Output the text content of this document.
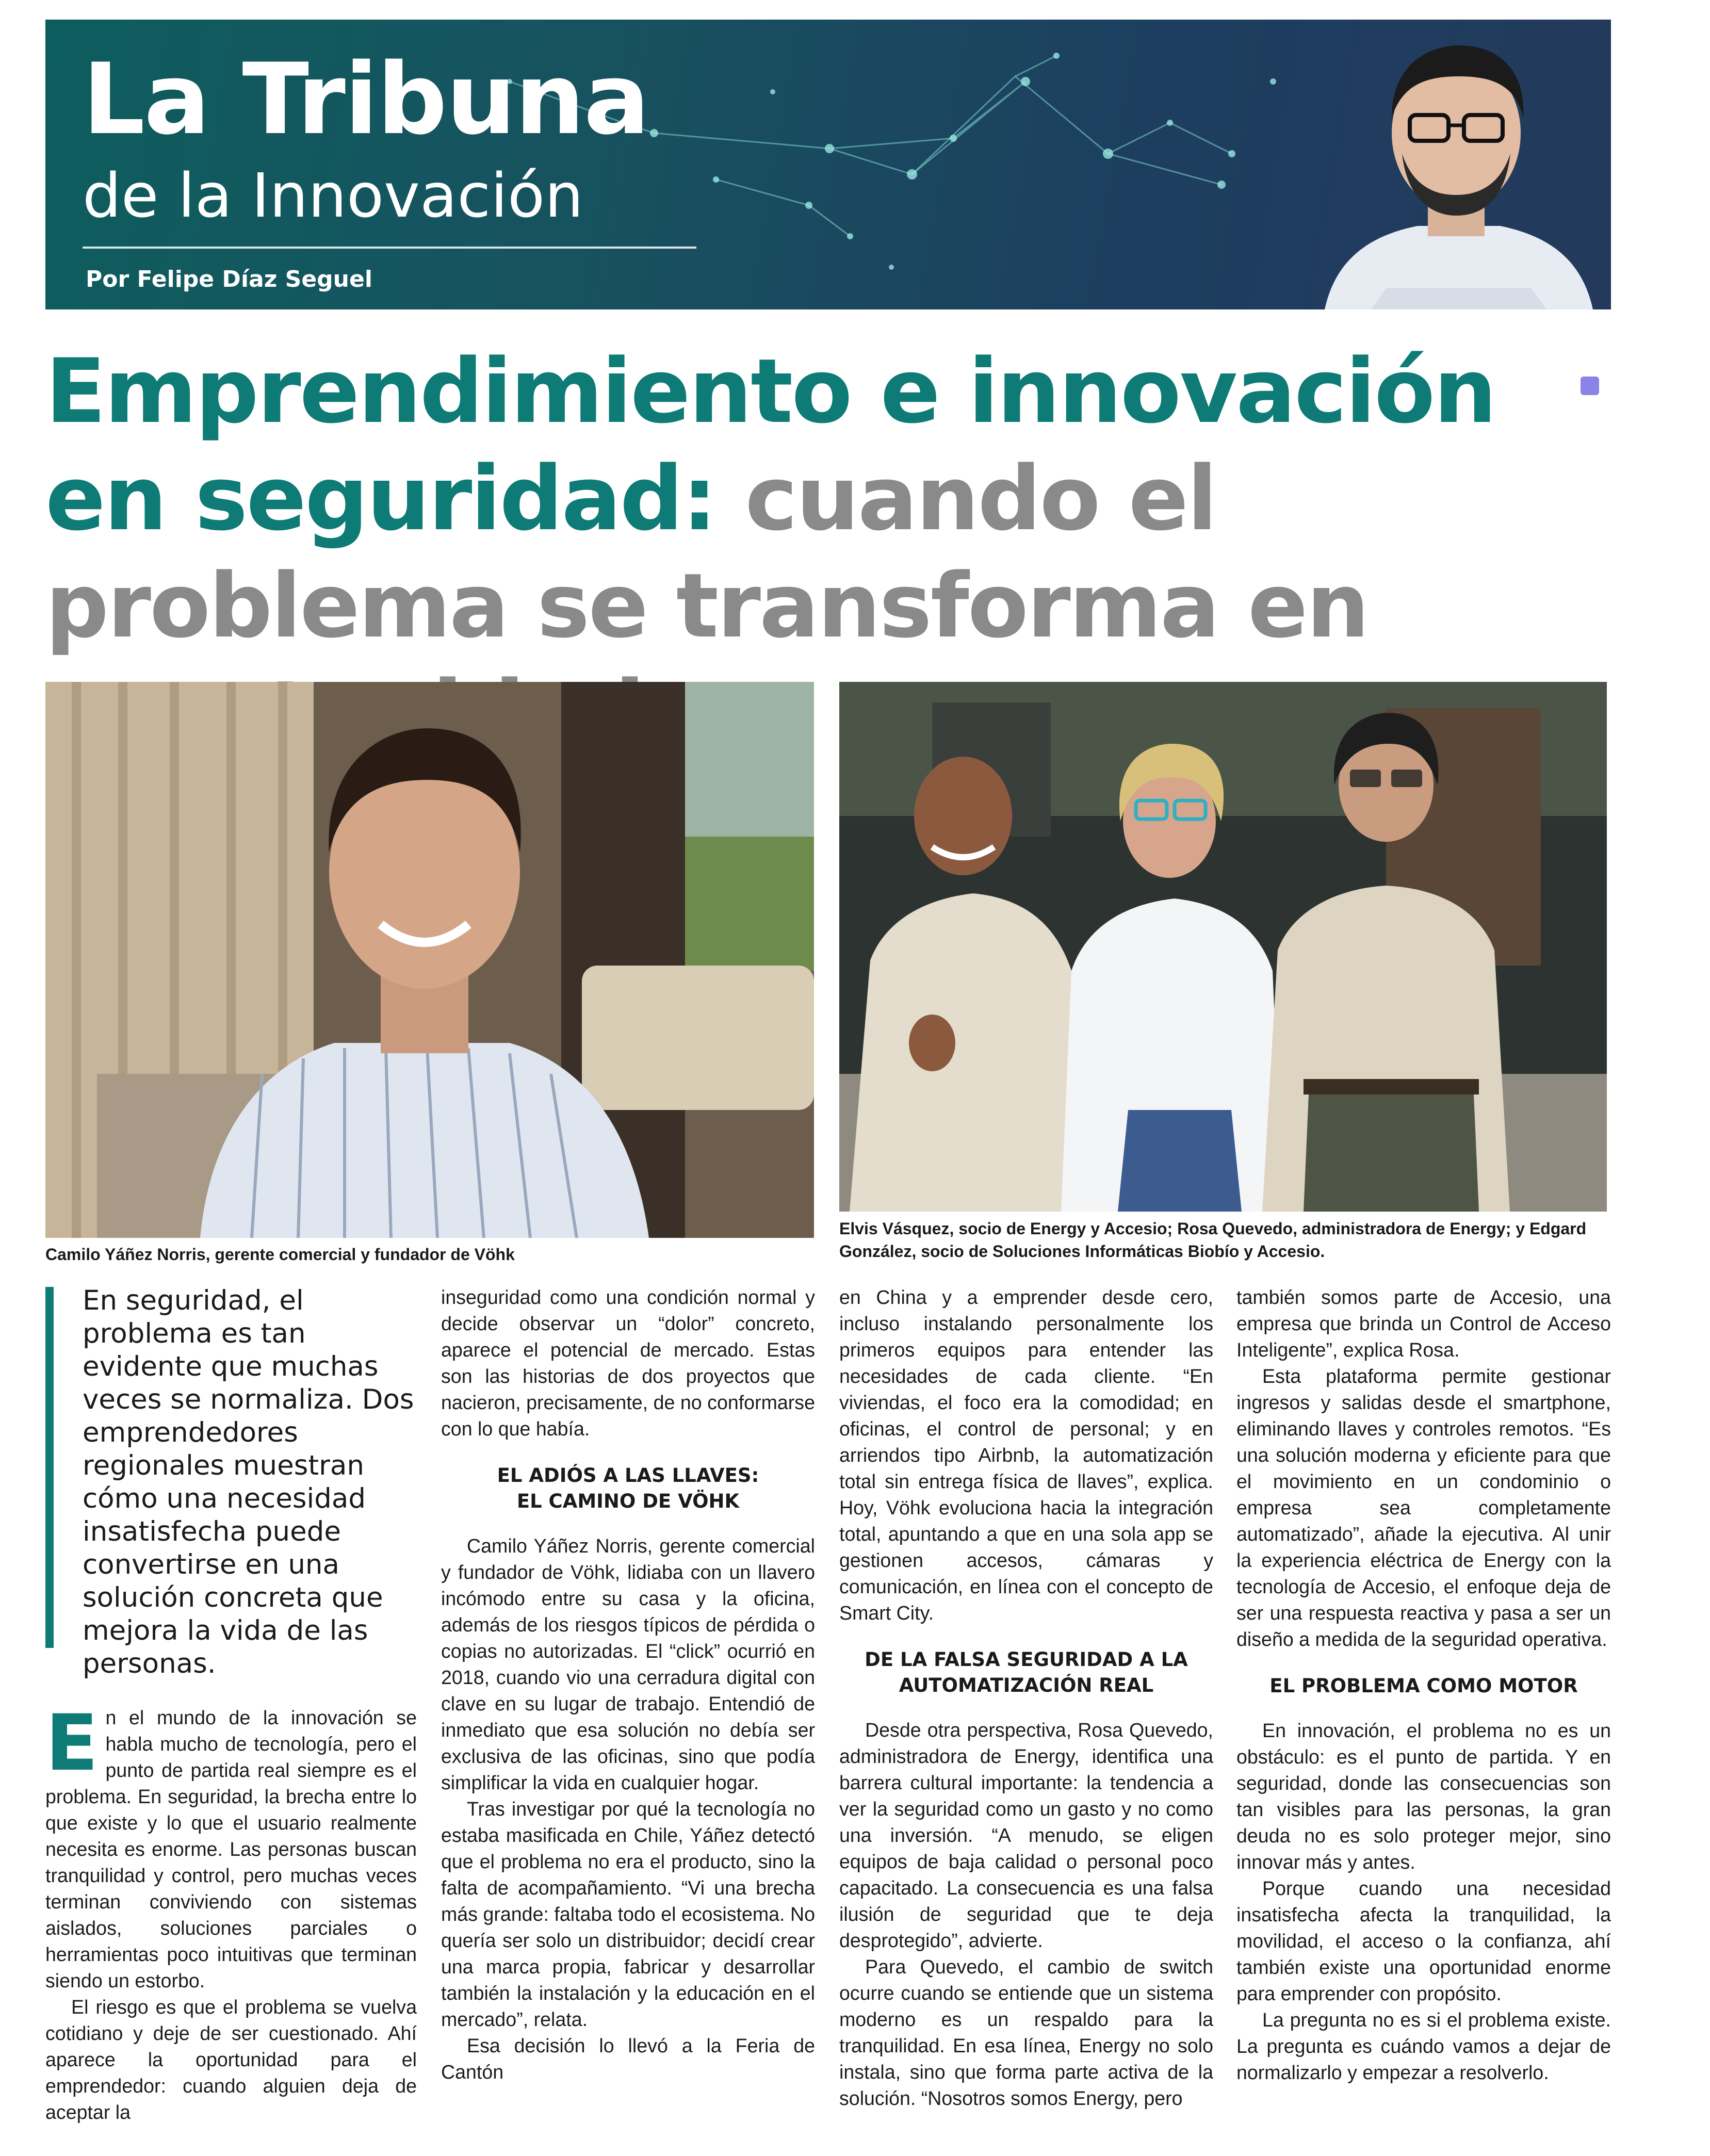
La Tribuna
de la Innovación
Por Felipe Díaz Seguel
Emprendimiento e innovación en seguridad: cuando el problema se transforma en
Camilo Yáñez Norris, gerente comercial y fundador de Vöhk
Elvis Vásquez, socio de Energy y Accesio; Rosa Quevedo, administradora de Energy; y Edgard González, socio de Soluciones Informáticas Biobío y Accesio.
En seguridad, el problema es tan evidente que muchas veces se normaliza. Dos emprendedores regionales muestran cómo una necesidad insatisfecha puede convertirse en una solución concreta que mejora la vida de las personas.

En el mundo de la innovación se habla mucho de tecnología, pero el punto de partida real siempre es el problema. En seguridad, la brecha entre lo que existe y lo que el usuario realmente necesita es enorme. Las personas buscan tranquilidad y control, pero muchas veces terminan conviviendo con sistemas aislados, soluciones parciales o herramientas poco intuitivas que terminan siendo un estorbo.

El riesgo es que el problema se vuelva cotidiano y deje de ser cuestionado. Ahí aparece la oportunidad para el emprendedor: cuando alguien deja de aceptar la

inseguridad como una condición normal y decide observar un “dolor” concreto, aparece el potencial de mercado. Estas son las historias de dos proyectos que nacieron, precisamente, de no conformarse con lo que había.

EL ADIÓS A LAS LLAVES:
EL CAMINO DE VÖHK

Camilo Yáñez Norris, gerente comercial y fundador de Vöhk, lidiaba con un llavero incómodo entre su casa y la oficina, además de los riesgos típicos de pérdida o copias no autorizadas. El “click” ocurrió en 2018, cuando vio una cerradura digital con clave en su lugar de trabajo. Entendió de inmediato que esa solución no debía ser exclusiva de las oficinas, sino que podía simplificar la vida en cualquier hogar.

Tras investigar por qué la tecnología no estaba masificada en Chile, Yáñez detectó que el problema no era el producto, sino la falta de acompañamiento. “Vi una brecha más grande: faltaba todo el ecosistema. No quería ser solo un distribuidor; decidí crear una marca propia, fabricar y desarrollar también la instalación y la educación en el mercado”, relata.

Esa decisión lo llevó a la Feria de Cantón

en China y a emprender desde cero, incluso instalando personalmente los primeros equipos para entender las necesidades de cada cliente. “En viviendas, el foco era la comodidad; en oficinas, el control de personal; y en arriendos tipo Airbnb, la automatización total sin entrega física de llaves”, explica. Hoy, Vöhk evoluciona hacia la integración total, apuntando a que en una sola app se gestionen accesos, cámaras y comunicación, en línea con el concepto de Smart City.

DE LA FALSA SEGURIDAD A LA
AUTOMATIZACIÓN REAL

Desde otra perspectiva, Rosa Quevedo, administradora de Energy, identifica una barrera cultural importante: la tendencia a ver la seguridad como un gasto y no como una inversión. “A menudo, se eligen equipos de baja calidad o personal poco capacitado. La consecuencia es una falsa ilusión de seguridad que te deja desprotegido”, advierte.

Para Quevedo, el cambio de switch ocurre cuando se entiende que un sistema moderno es un respaldo para la tranquilidad. En esa línea, Energy no solo instala, sino que forma parte activa de la solución. “Nosotros somos Energy, pero

también somos parte de Accesio, una empresa que brinda un Control de Acceso Inteligente”, explica Rosa.

Esta plataforma permite gestionar ingresos y salidas desde el smartphone, eliminando llaves y controles remotos. “Es una solución moderna y eficiente para que el movimiento en un condominio o empresa sea completamente automatizado”, añade la ejecutiva. Al unir la experiencia eléctrica de Energy con la tecnología de Accesio, el enfoque deja de ser una respuesta reactiva y pasa a ser un diseño a medida de la seguridad operativa.

EL PROBLEMA COMO MOTOR

En innovación, el problema no es un obstáculo: es el punto de partida. Y en seguridad, donde las consecuencias son tan visibles para las personas, la gran deuda no es solo proteger mejor, sino innovar más y antes.

Porque cuando una necesidad insatisfecha afecta la tranquilidad, la movilidad, el acceso o la confianza, ahí también existe una oportunidad enorme para emprender con propósito.

La pregunta no es si el problema existe. La pregunta es cuándo vamos a dejar de normalizarlo y empezar a resolverlo.
